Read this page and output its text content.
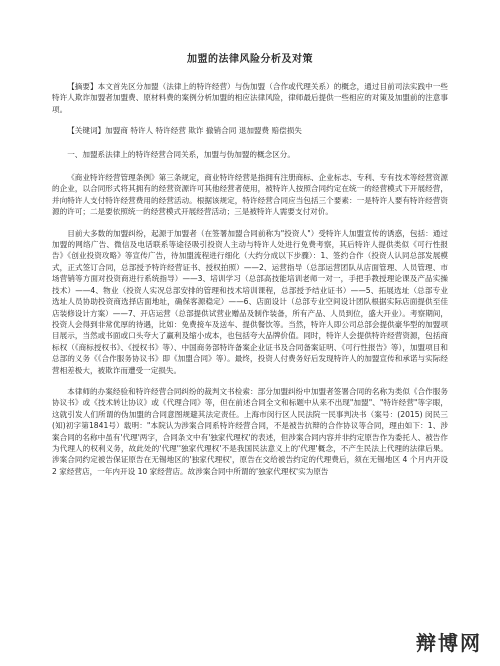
加盟的法律风险分析及对策

【摘要】本文首先区分加盟（法律上的特许经营）与伪加盟（合作或代理关系）的概念，通过目前司法实践中一些特许人欺诈加盟者加盟费、原材料费的案例分析加盟的相应法律风险，律师最后提供一些相应的对策及加盟前的注意事项。

【关键词】加盟商 特许人 特许经营 欺诈 撤销合同 退加盟费 赔偿损失

一、加盟系法律上的特许经营合同关系，加盟与伪加盟的概念区分。

《商业特许经营管理条例》第三条规定，商业特许经营是指拥有注册商标、企业标志、专利、专有技术等经营资源的企业，以合同形式将其拥有的经营资源许可其他经营者使用，被特许人按照合同约定在统一的经营模式下开展经营，并向特许人支付特许经营费用的经营活动。根据该规定，特许经营合同应当包括三个要素：一是特许人要有特许经营资源的许可；二是要依照统一的经营模式开展经营活动；三是被特许人需要支付对价。

目前大多数的加盟纠纷，起源于加盟者（在签署加盟合同前称为"投资人"）受特许人加盟宣传的诱惑，包括：通过加盟的网络广告、微信及电话联系等途径吸引投资人主动与特许人处进行免费考察，其后特许人提供类似《可行性报告》《创业投资攻略》等宣传广告，待加盟流程进行细化（大约分成以下步骤）：1、签约合作（投资人认同总部发展模式，正式签订合同，总部授予特许经营证书、授权拍照）——2、运营指导（总部运营团队从店面管理、人员管理、市场营销等方面对投资商进行系统指导）——3、培训学习（总部高技能培训老师一对一，手把手教授理论课及产品实操技术）——4、物业（投资人实况总部安排的管理和技术培训课程，总部授予结业证书）——5、拓展选址（总部专业选址人员协助投资商选择店面地址，确保客源稳定）——6、店面设计（总部专业空间设计团队根据实际店面提供至佳店装修设计方案）——7、开店运营（总部提供试营业赠品及制作装备，所有产品、人员到位，盛大开业）。考察期间，投资人会得到非常优厚的待遇，比如：免费接车及送车、提供餐饮等。当然，特许人即公司总部会提供豪华型的加盟项目展示，当然或书面或口头夸大了赢利及缩小成本，也包括夸大品牌价值。同时，特许人会提供特许经营资源，包括商标权（《商标授权书》、《授权书》等）、中国商务部特许备案企业证书及合同备案证明、《可行性报告》等），加盟项目和总部的义务《《合作服务协议书》即《加盟合同》等）。最终，投资人付费务好后发现特许人的加盟宣传和承诺与实际经营相差极大，被欺诈而遭受一定损失。

本律师的办案经验和特许经营合同纠纷的裁判文书检索：部分加盟纠纷中加盟者签署合同的名称为类似《合作服务协议书》或《技术转让协议》或《代理合同》等，但在前述合同全文和标题中从来不出现"加盟"、"特许经营"等字眼，这就引发人们所谓的伪加盟的合同意图规避其法定责任。上海市闵行区人民法院一民事判决书（案号：(2015) 闵民三(知)初字第1841号）载明："本院认为涉案合同系特许经营合同，不是被告抗辩的合作协议等合同，理由如下：1、涉案合同的名称中虽有'代理'两字，合同条文中有'独家代理权'的表述，但涉案合同内容并非约定原告作为委托人、被告作为代理人的权利义务，故此处的'代理''独家代理权'不是我国民法意义上的'代理'概念，不产生民法上代理的法律后果。涉案合同约定被告保证原告在无锡地区的'独家代理权'，原告在交给被告约定的代理费后，须在无锡地区 4 个月内开设 2 家经营店，一年内开设 10 家经营店。故涉案合同中所谓的'独家代理权'实为原告

辩博网
